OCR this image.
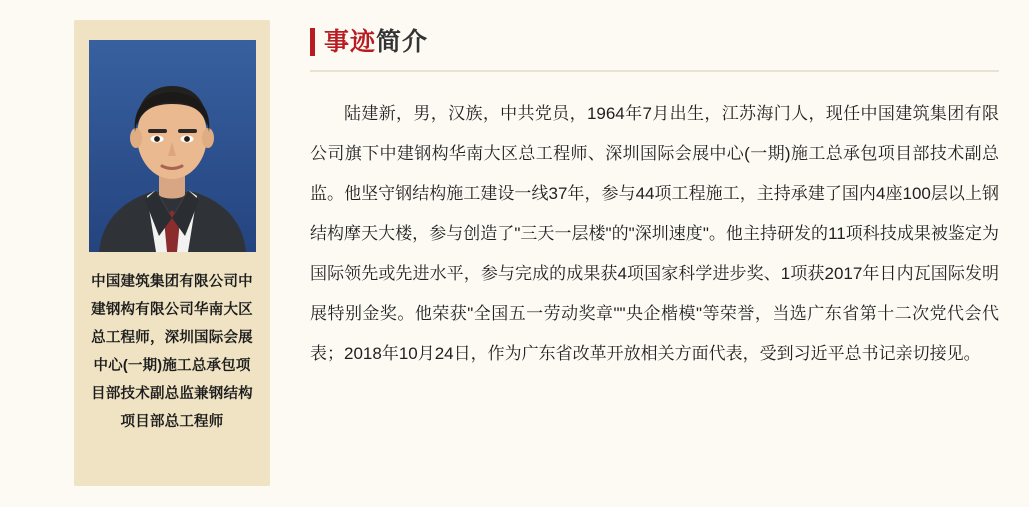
中国建筑集团有限公司中建钢构有限公司华南大区总工程师，深圳国际会展中心(一期)施工总承包项目部技术副总监兼钢结构项目部总工程师
事迹简介

陆建新，男，汉族，中共党员，1964年7月出生，江苏海门人，现任中国建筑集团有限公司旗下中建钢构华南大区总工程师、深圳国际会展中心(一期)施工总承包项目部技术副总监。他坚守钢结构施工建设一线37年，参与44项工程施工，主持承建了国内4座100层以上钢结构摩天大楼，参与创造了"三天一层楼"的"深圳速度"。他主持研发的11项科技成果被鉴定为国际领先或先进水平，参与完成的成果获4项国家科学进步奖、1项获2017年日内瓦国际发明展特别金奖。他荣获"全国五一劳动奖章""央企楷模"等荣誉，当选广东省第十二次党代会代表；2018年10月24日，作为广东省改革开放相关方面代表，受到习近平总书记亲切接见。
